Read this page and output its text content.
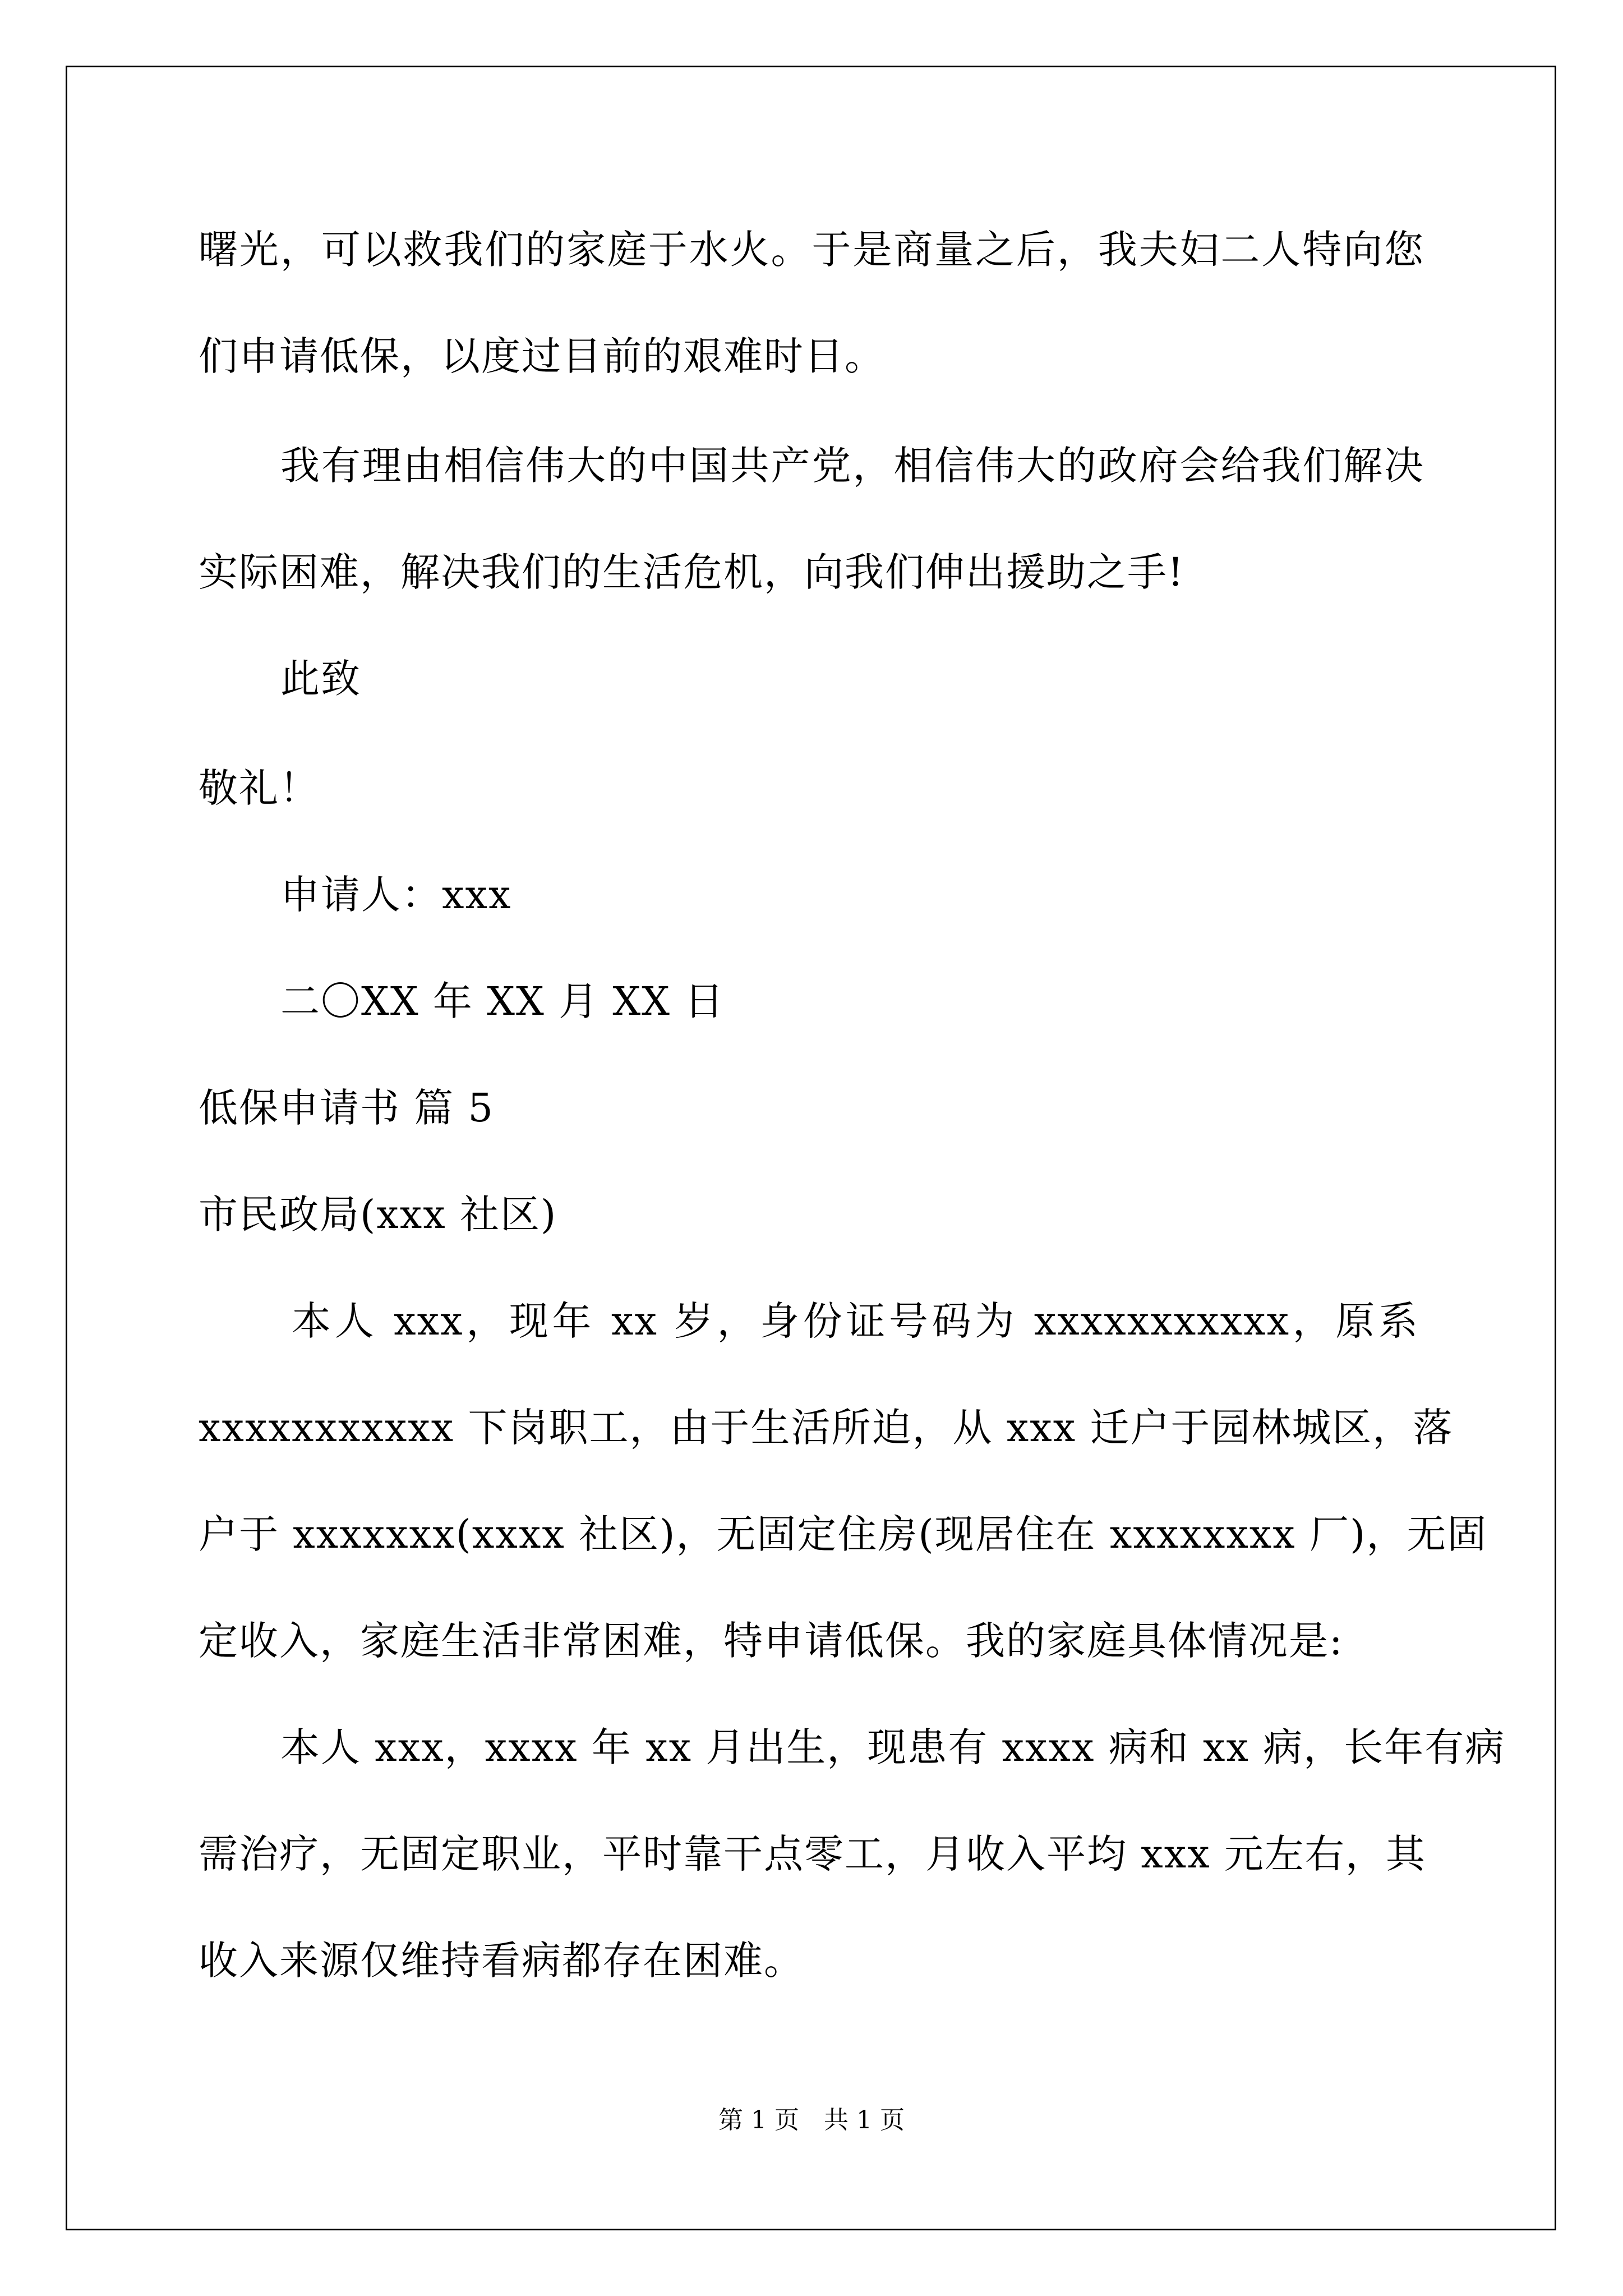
曙光，可以救我们的家庭于水火。于是商量之后，我夫妇二人特向您
们申请低保，以度过目前的艰难时日。
我有理由相信伟大的中国共产党，相信伟大的政府会给我们解决
实际困难，解决我们的生活危机，向我们伸出援助之手!
此致
敬礼！
申请人：xxx
二〇XX 年 XX 月 XX 日
低保申请书 篇 5
市民政局(xxx 社区)
本人 xxx，现年 xx 岁，身份证号码为 xxxxxxxxxxx，原系
xxxxxxxxxxx 下岗职工，由于生活所迫，从 xxx 迁户于园林城区，落
户于 xxxxxxx(xxxx 社区)，无固定住房(现居住在 xxxxxxxx 厂)，无固
定收入，家庭生活非常困难，特申请低保。我的家庭具体情况是:
本人 xxx，xxxx 年 xx 月出生，现患有 xxxx 病和 xx 病，长年有病
需治疗，无固定职业，平时靠干点零工，月收入平均 xxx 元左右，其
收入来源仅维持看病都存在困难。
第 1 页　共 1 页
